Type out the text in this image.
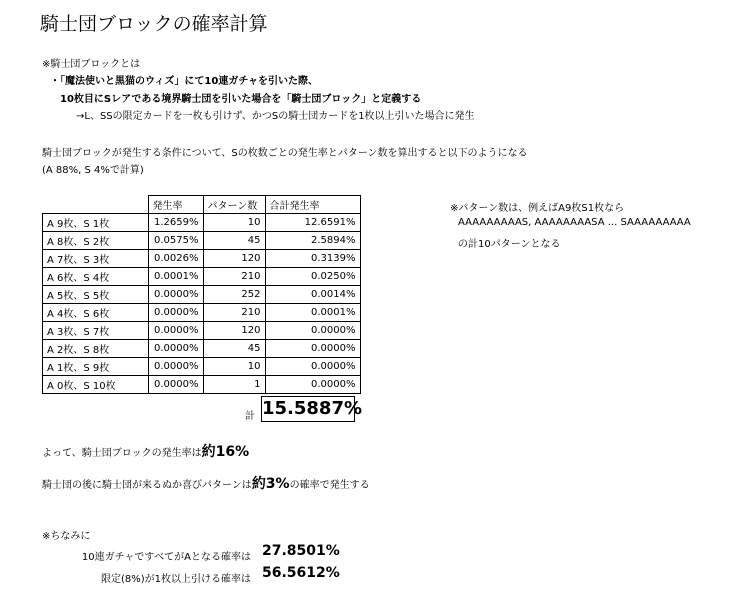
騎士団ブロックの確率計算
※騎士団ブロックとは
・「魔法使いと黒猫のウィズ」にて10連ガチャを引いた際、
10枚目にSレアである境界騎士団を引いた場合を「騎士団ブロック」と定義する
→L、SSの限定カードを一枚も引けず、かつSの騎士団カードを1枚以上引いた場合に発生
騎士団ブロックが発生する条件について、Sの枚数ごとの発生率とパターン数を算出すると以下のようになる
(A 88%, S 4%で計算)
	発生率	パターン数	合計発生率
A 9枚、S 1枚	1.2659%	10	12.6591%
A 8枚、S 2枚	0.0575%	45	2.5894%
A 7枚、S 3枚	0.0026%	120	0.3139%
A 6枚、S 4枚	0.0001%	210	0.0250%
A 5枚、S 5枚	0.0000%	252	0.0014%
A 4枚、S 6枚	0.0000%	210	0.0001%
A 3枚、S 7枚	0.0000%	120	0.0000%
A 2枚、S 8枚	0.0000%	45	0.0000%
A 1枚、S 9枚	0.0000%	10	0.0000%
A 0枚、S 10枚	0.0000%	1	0.0000%
計 15.5887%
※パターン数は、例えばA9枚S1枚なら
AAAAAAAAAS, AAAAAAAASA ... SAAAAAAAAA
の計10パターンとなる
よって、騎士団ブロックの発生率は 約16%
騎士団の後に騎士団が来るぬか喜びパターンは 約3% の確率で発生する
※ちなみに
10連ガチャですべてがAとなる確率は 27.8501%
限定(8%)が1枚以上引ける確率は 56.5612%
